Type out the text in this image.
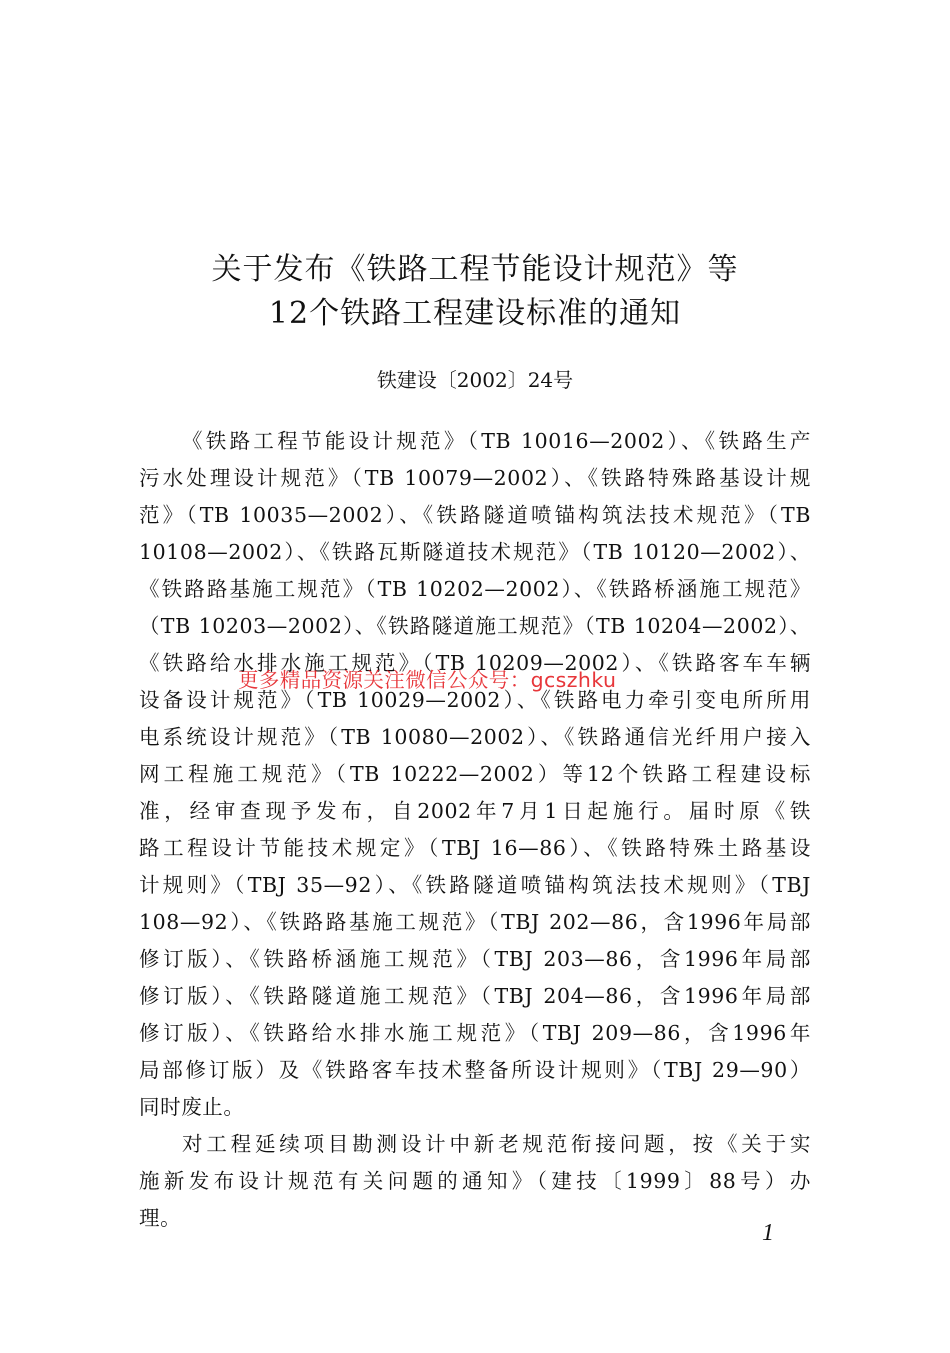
关于发布《铁路工程节能设计规范》等
12个铁路工程建设标准的通知
铁建设〔2002〕24号
《铁路工程节能设计规范》（TB 10016—2002）、《铁路生产
污水处理设计规范》（TB 10079—2002）、《铁路特殊路基设计规
范》（TB 10035—2002）、《铁路隧道喷锚构筑法技术规范》（TB
10108—2002）、《铁路瓦斯隧道技术规范》（TB 10120—2002）、
《铁路路基施工规范》（TB 10202—2002）、《铁路桥涵施工规范》
（TB 10203—2002）、《铁路隧道施工规范》（TB 10204—2002）、
《铁路给水排水施工规范》（TB 10209—2002）、《铁路客车车辆
设备设计规范》（TB 10029—2002）、《铁路电力牵引变电所所用
电系统设计规范》（TB 10080—2002）、《铁路通信光纤用户接入
网工程施工规范》（TB 10222—2002）等12个铁路工程建设标
准，经审查现予发布，自2002年7月1日起施行。届时原《铁
路工程设计节能技术规定》（TBJ 16—86）、《铁路特殊土路基设
计规则》（TBJ 35—92）、《铁路隧道喷锚构筑法技术规则》（TBJ
108—92）、《铁路路基施工规范》（TBJ 202—86，含1996年局部
修订版）、《铁路桥涵施工规范》（TBJ 203—86，含1996年局部
修订版）、《铁路隧道施工规范》（TBJ 204—86，含1996年局部
修订版）、《铁路给水排水施工规范》（TBJ 209—86，含1996年
局部修订版）及《铁路客车技术整备所设计规则》（TBJ 29—90）
同时废止。
对工程延续项目勘测设计中新老规范衔接问题，按《关于实
施新发布设计规范有关问题的通知》（建技〔1999〕88号）办
理。
更多精品资源关注微信公众号：gcszhku
1
